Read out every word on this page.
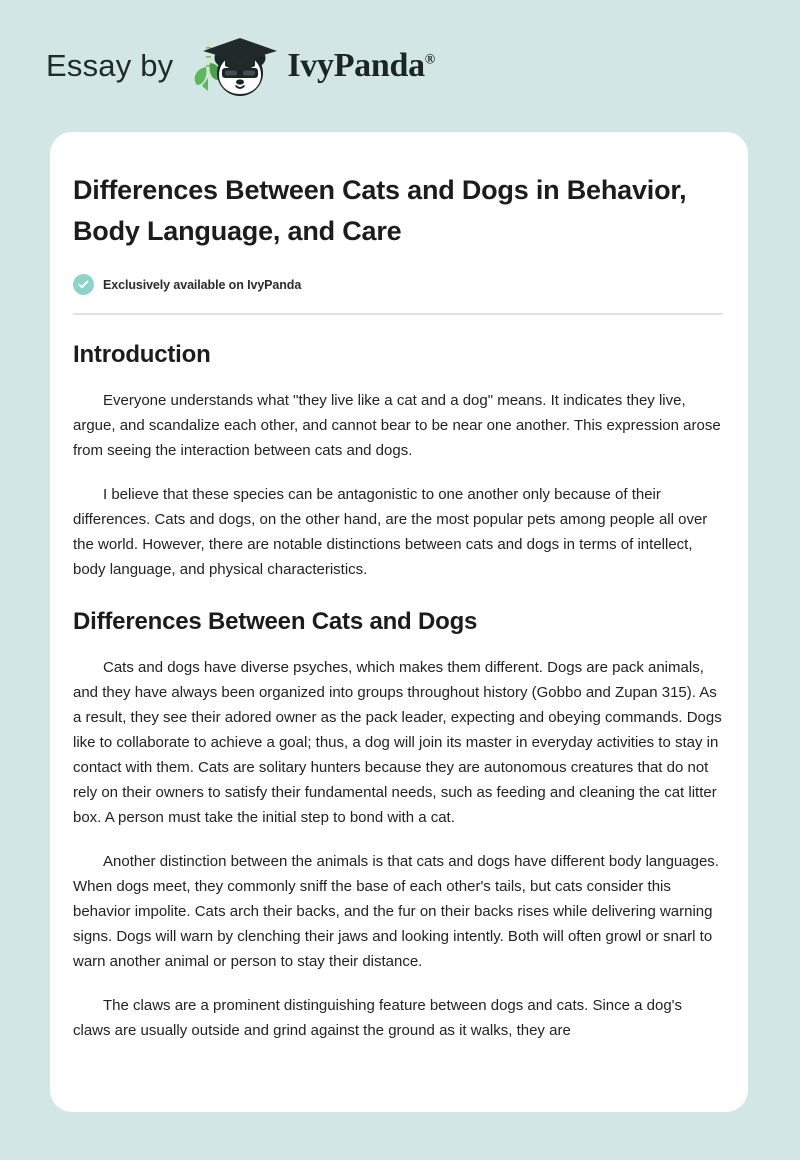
Essay by	IvyPanda®
Differences Between Cats and Dogs in Behavior, Body Language, and Care
Exclusively available on IvyPanda
Introduction

Everyone understands what "they live like a cat and a dog" means. It indicates they live, argue, and scandalize each other, and cannot bear to be near one another. This expression arose from seeing the interaction between cats and dogs.

I believe that these species can be antagonistic to one another only because of their differences. Cats and dogs, on the other hand, are the most popular pets among people all over the world. However, there are notable distinctions between cats and dogs in terms of intellect, body language, and physical characteristics.

Differences Between Cats and Dogs

Cats and dogs have diverse psyches, which makes them different. Dogs are pack animals, and they have always been organized into groups throughout history (Gobbo and Zupan 315). As a result, they see their adored owner as the pack leader, expecting and obeying commands. Dogs like to collaborate to achieve a goal; thus, a dog will join its master in everyday activities to stay in contact with them. Cats are solitary hunters because they are autonomous creatures that do not rely on their owners to satisfy their fundamental needs, such as feeding and cleaning the cat litter box. A person must take the initial step to bond with a cat.

Another distinction between the animals is that cats and dogs have different body languages. When dogs meet, they commonly sniff the base of each other's tails, but cats consider this behavior impolite. Cats arch their backs, and the fur on their backs rises while delivering warning signs. Dogs will warn by clenching their jaws and looking intently. Both will often growl or snarl to warn another animal or person to stay their distance.

The claws are a prominent distinguishing feature between dogs and cats. Since a dog's claws are usually outside and grind against the ground as it walks, they are
